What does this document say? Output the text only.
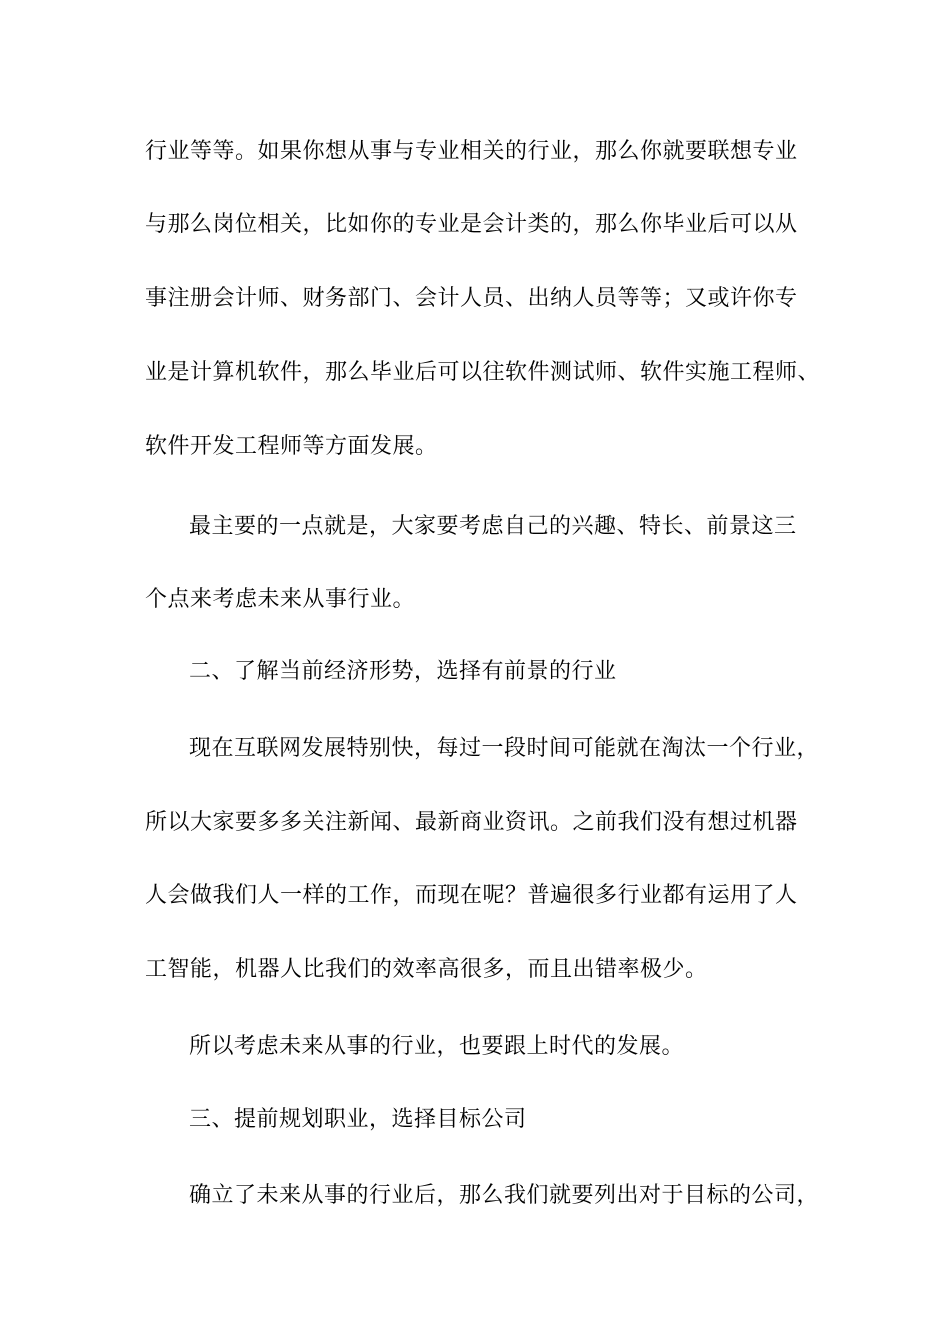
行业等等。如果你想从事与专业相关的行业，那么你就要联想专业
与那么岗位相关，比如你的专业是会计类的，那么你毕业后可以从
事注册会计师、财务部门、会计人员、出纳人员等等；又或许你专
业是计算机软件，那么毕业后可以往软件测试师、软件实施工程师、
软件开发工程师等方面发展。
最主要的一点就是，大家要考虑自己的兴趣、特长、前景这三
个点来考虑未来从事行业。
二、了解当前经济形势，选择有前景的行业
现在互联网发展特别快，每过一段时间可能就在淘汰一个行业，
所以大家要多多关注新闻、最新商业资讯。之前我们没有想过机器
人会做我们人一样的工作，而现在呢？普遍很多行业都有运用了人
工智能，机器人比我们的效率高很多，而且出错率极少。
所以考虑未来从事的行业，也要跟上时代的发展。
三、提前规划职业，选择目标公司
确立了未来从事的行业后，那么我们就要列出对于目标的公司，
